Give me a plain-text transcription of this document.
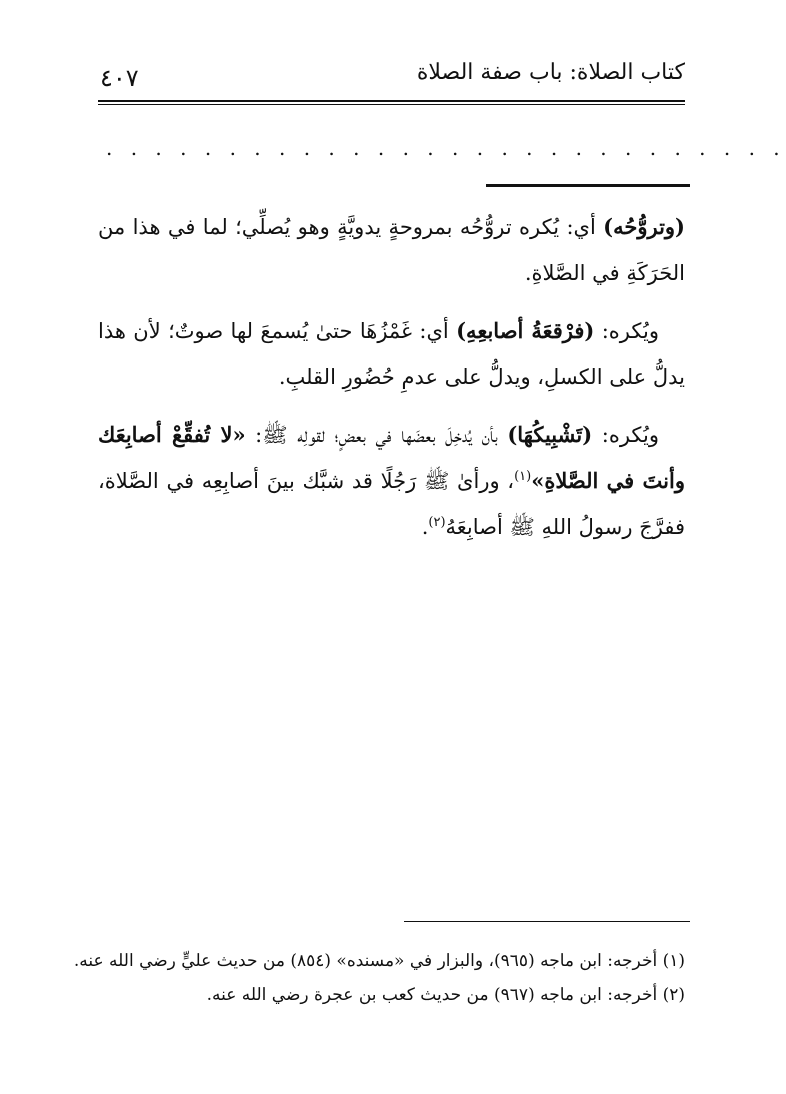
كتاب الصلاة: باب صفة الصلاة
٤٠٧
. . . . . . . . . . . . . . . . . . . . . . . . . . . .

(وتروُّحُه) أي: يُكره تروُّحُه بمروحةٍ يدويَّةٍ وهو يُصلِّي؛ لما في هذا من الحَرَكَةِ في الصَّلاةِ.

ويُكره: (فرْقعَةُ أصابعِهِ) أي: غَمْزُهَا حتىٰ يُسمعَ لها صوتٌ؛ لأن هذا يدلُّ على الكسلِ، ويدلُّ على عدمِ حُضُورِ القلبِ.

ويُكره: (تَشْبِيكُهَا) بأن يُدخِلَ بعضَها في بعضٍ؛ لقولِه ﷺ: «لا تُفقِّعْ أصابِعَك وأنتَ في الصَّلاةِ»$^{(١)}$، ورأىٰ ﷺ رَجُلًا قد شبَّك بينَ أصابِعِه في الصَّلاة، ففرَّجَ رسولُ اللهِ ﷺ أصابِعَهُ$^{(٢)}$.

(١) أخرجه: ابن ماجه (٩٦٥)، والبزار في «مسنده» (٨٥٤) من حديث عليٍّ رضي الله عنه.

(٢) أخرجه: ابن ماجه (٩٦٧) من حديث كعب بن عجرة رضي الله عنه.
